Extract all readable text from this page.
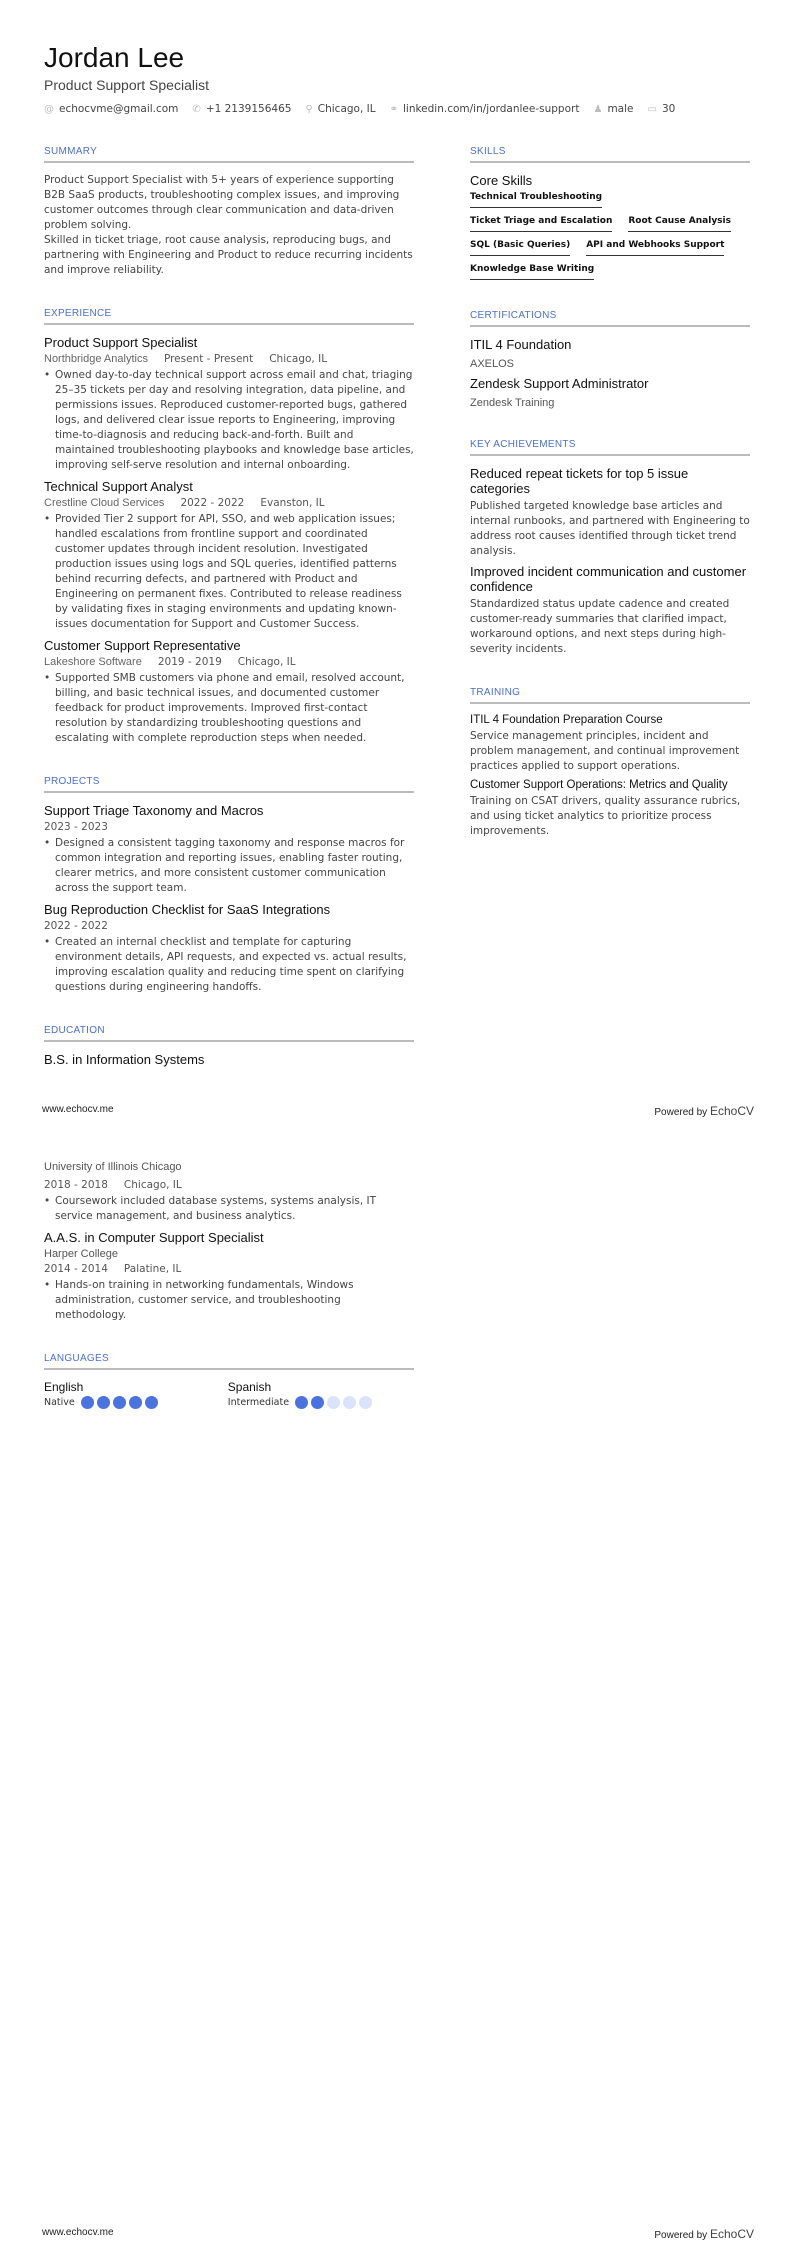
Jordan Lee
Product Support Specialist
@ echocvme@gmail.com ✆ +1 2139156465 ⚲ Chicago, IL ⚭ linkedin.com/in/jordanlee-support ♟ male ▭ 30
SUMMARY

Product Support Specialist with 5+ years of experience supporting B2B SaaS products, troubleshooting complex issues, and improving customer outcomes through clear communication and data-driven problem solving.

Skilled in ticket triage, root cause analysis, reproducing bugs, and partnering with Engineering and Product to reduce recurring incidents and improve reliability.

EXPERIENCE
Product Support Specialist
Northbridge Analytics Present - Present Chicago, IL
• Owned day-to-day technical support across email and chat, triaging 25–35 tickets per day and resolving integration, data pipeline, and permissions issues. Reproduced customer-reported bugs, gathered logs, and delivered clear issue reports to Engineering, improving time-to-diagnosis and reducing back-and-forth. Built and maintained troubleshooting playbooks and knowledge base articles, improving self-serve resolution and internal onboarding.
Technical Support Analyst
Crestline Cloud Services 2022 - 2022 Evanston, IL
• Provided Tier 2 support for API, SSO, and web application issues; handled escalations from frontline support and coordinated customer updates through incident resolution. Investigated production issues using logs and SQL queries, identified patterns behind recurring defects, and partnered with Product and Engineering on permanent fixes. Contributed to release readiness by validating fixes in staging environments and updating known-issues documentation for Support and Customer Success.
Customer Support Representative
Lakeshore Software 2019 - 2019 Chicago, IL
• Supported SMB customers via phone and email, resolved account, billing, and basic technical issues, and documented customer feedback for product improvements. Improved first-contact resolution by standardizing troubleshooting questions and escalating with complete reproduction steps when needed.
PROJECTS
Support Triage Taxonomy and Macros
2023 - 2023
• Designed a consistent tagging taxonomy and response macros for common integration and reporting issues, enabling faster routing, clearer metrics, and more consistent customer communication across the support team.
Bug Reproduction Checklist for SaaS Integrations
2022 - 2022
• Created an internal checklist and template for capturing environment details, API requests, and expected vs. actual results, improving escalation quality and reducing time spent on clarifying questions during engineering handoffs.
EDUCATION
B.S. in Information Systems
SKILLS
Core Skills
Technical Troubleshooting
Ticket Triage and Escalation Root Cause Analysis
SQL (Basic Queries) API and Webhooks Support
Knowledge Base Writing
CERTIFICATIONS
ITIL 4 Foundation
AXELOS
Zendesk Support Administrator
Zendesk Training
KEY ACHIEVEMENTS
Reduced repeat tickets for top 5 issue categories

Published targeted knowledge base articles and internal runbooks, and partnered with Engineering to address root causes identified through ticket trend analysis.

Improved incident communication and customer confidence

Standardized status update cadence and created customer-ready summaries that clarified impact, workaround options, and next steps during high-severity incidents.

TRAINING
ITIL 4 Foundation Preparation Course

Service management principles, incident and problem management, and continual improvement practices applied to support operations.

Customer Support Operations: Metrics and Quality

Training on CSAT drivers, quality assurance rubrics, and using ticket analytics to prioritize process improvements.

www.echocv.me	Powered by EchoCV
University of Illinois Chicago
2018 - 2018 Chicago, IL
• Coursework included database systems, systems analysis, IT service management, and business analytics.
A.A.S. in Computer Support Specialist
Harper College
2014 - 2014 Palatine, IL
• Hands-on training in networking fundamentals, Windows administration, customer service, and troubleshooting methodology.
LANGUAGES
English
Native
Spanish
Intermediate
www.echocv.me	Powered by EchoCV
